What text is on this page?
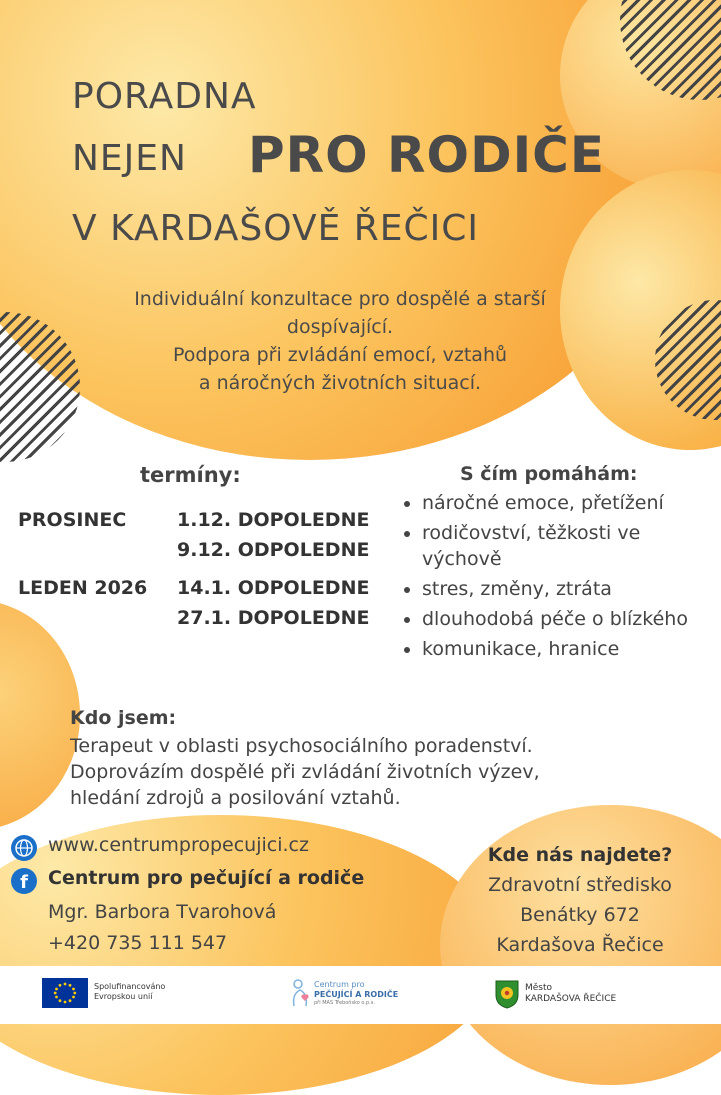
PORADNA
NEJEN PRO RODIČE
V KARDAŠOVĚ ŘEČICI
Individuální konzultace pro dospělé a starší
dospívající.
Podpora při zvládání emocí, vztahů
a náročných životních situací.
termíny:
PROSINEC	1.12. DOPOLEDNE
9.12. ODPOLEDNE
LEDEN 2026 14.1. ODPOLEDNE
27.1. DOPOLEDNE
S čím pomáhám:
• náročné emoce, přetížení
• rodičovství, těžkosti ve výchově
• stres, změny, ztráta
• dlouhodobá péče o blízkého
• komunikace, hranice
Kdo jsem:
Terapeut v oblasti psychosociálního poradenství.
Doprovázím dospělé při zvládání životních výzev,
hledání zdrojů a posilování vztahů.
www.centrumpropecujici.cz
f Centrum pro pečující a rodiče
Mgr. Barbora Tvarohová
+420 735 111 547
Kde nás najdete?
Zdravotní středisko
Benátky 672
Kardašova Řečice
Spolufinancováno
Evropskou unií
Centrum pro
PEČUJÍCÍ A RODIČE
při MAS Třeboňsko o.p.s.
Město
KARDAŠOVA ŘEČICE
